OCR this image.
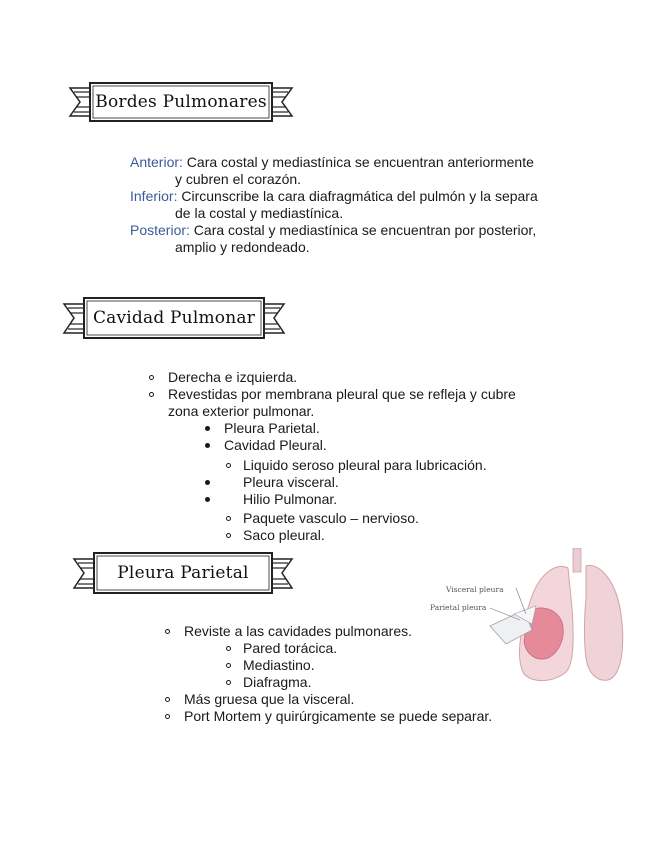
Bordes Pulmonares
Anterior: Cara costal y mediastínica se encuentran anteriormente
y cubren el corazón.
Inferior: Circunscribe la cara diafragmática del pulmón y la separa
de la costal y mediastínica.
Posterior: Cara costal y mediastínica se encuentran por posterior,
amplio y redondeado.
Cavidad Pulmonar
Derecha e izquierda.
Revestidas por membrana pleural que se refleja y cubre
zona exterior pulmonar.
Pleura Parietal.
Cavidad Pleural.
Liquido seroso pleural para lubricación.
Pleura visceral.
Hilio Pulmonar.
Paquete vasculo – nervioso.
Saco pleural.
Pleura Parietal
Visceral pleura
Parietal pleura
Reviste a las cavidades pulmonares.
Pared torácica.
Mediastino.
Diafragma.
Más gruesa que la visceral.
Port Mortem y quirúrgicamente se puede separar.
